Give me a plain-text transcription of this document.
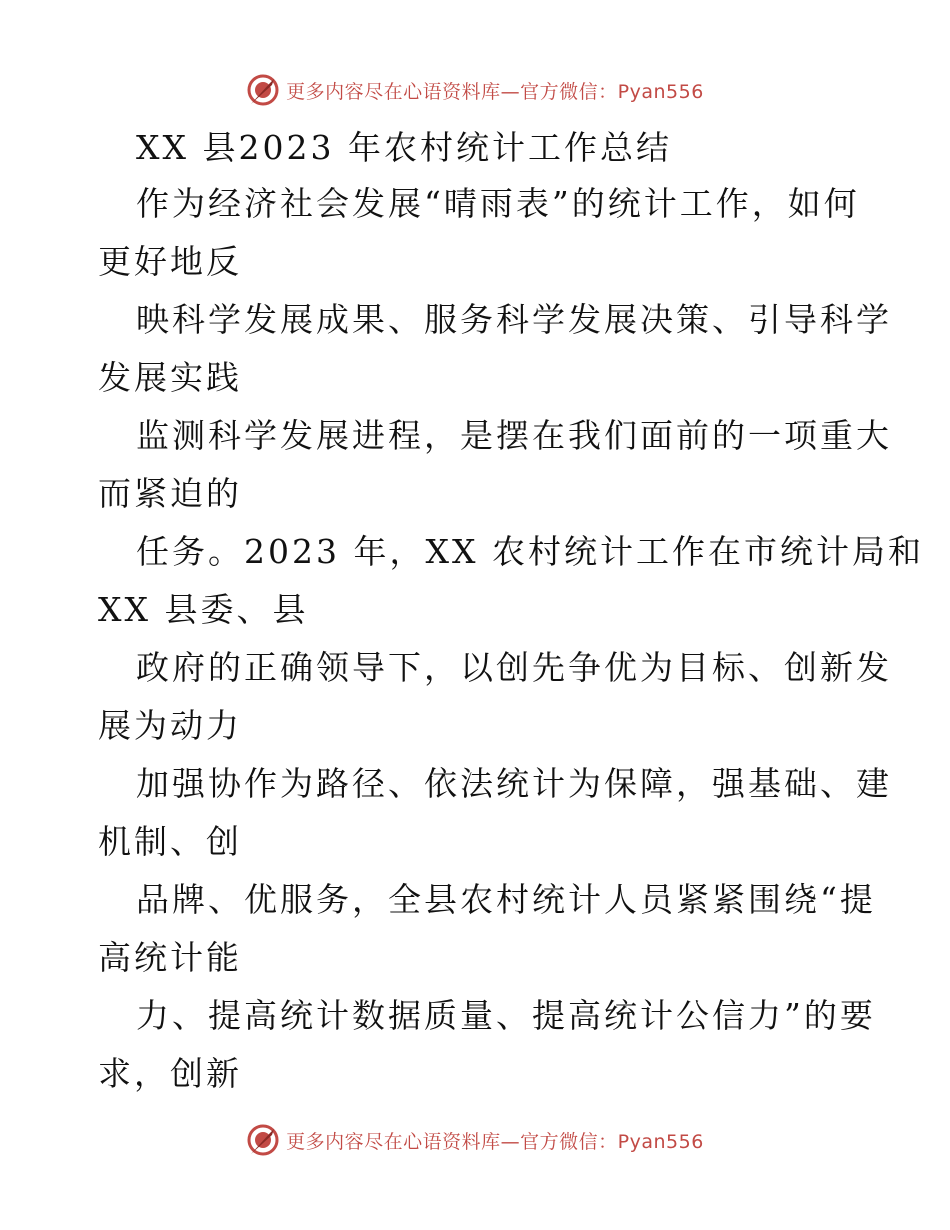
更多内容尽在心语资料库—官方微信：Pyan556
XX 县2023 年农村统计工作总结
作为经济社会发展“晴雨表”的统计工作，如何
更好地反
映科学发展成果、服务科学发展决策、引导科学
发展实践
监测科学发展进程，是摆在我们面前的一项重大
而紧迫的
任务。2023 年，XX 农村统计工作在市统计局和
XX 县委、县
政府的正确领导下，以创先争优为目标、创新发
展为动力
加强协作为路径、依法统计为保障，强基础、建
机制、创
品牌、优服务，全县农村统计人员紧紧围绕“提
高统计能
力、提高统计数据质量、提高统计公信力”的要
求，创新
更多内容尽在心语资料库—官方微信：Pyan556
